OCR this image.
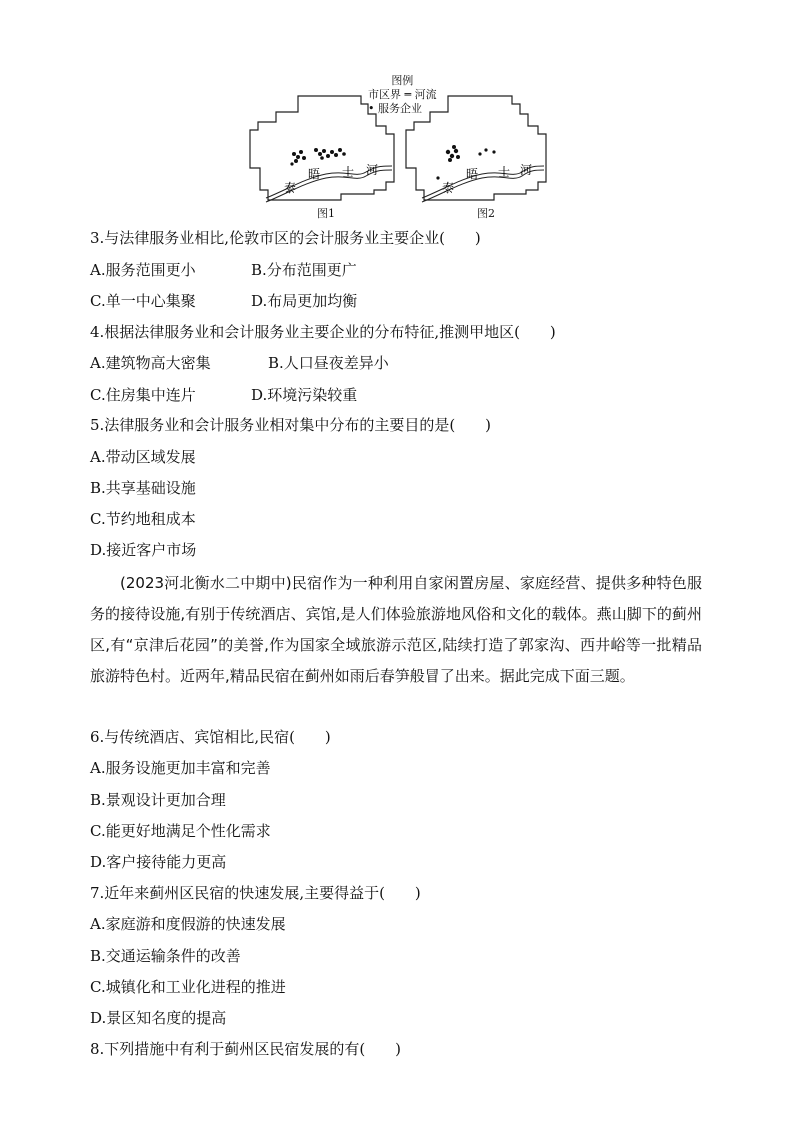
图例
市区界 ═ 河流
• 服务企业
泰
晤 士 河
泰
晤 士 河
图1	图2
3.与法律服务业相比,伦敦市区的会计服务业主要企业(　　)
A.服务范围更小	B.分布范围更广
C.单一中心集聚	D.布局更加均衡
4.根据法律服务业和会计服务业主要企业的分布特征,推测甲地区(　　)
A.建筑物高大密集	B.人口昼夜差异小
C.住房集中连片	D.环境污染较重
5.法律服务业和会计服务业相对集中分布的主要目的是(　　)
A.带动区域发展
B.共享基础设施
C.节约地租成本
D.接近客户市场
(2023河北衡水二中期中)民宿作为一种利用自家闲置房屋、家庭经营、提供多种特色服务的接待设施,有别于传统酒店、宾馆,是人们体验旅游地风俗和文化的载体。燕山脚下的蓟州区,有“京津后花园”的美誉,作为国家全域旅游示范区,陆续打造了郭家沟、西井峪等一批精品旅游特色村。近两年,精品民宿在蓟州如雨后春笋般冒了出来。据此完成下面三题。
6.与传统酒店、宾馆相比,民宿(　　)
A.服务设施更加丰富和完善
B.景观设计更加合理
C.能更好地满足个性化需求
D.客户接待能力更高
7.近年来蓟州区民宿的快速发展,主要得益于(　　)
A.家庭游和度假游的快速发展
B.交通运输条件的改善
C.城镇化和工业化进程的推进
D.景区知名度的提高
8.下列措施中有利于蓟州区民宿发展的有(　　)
